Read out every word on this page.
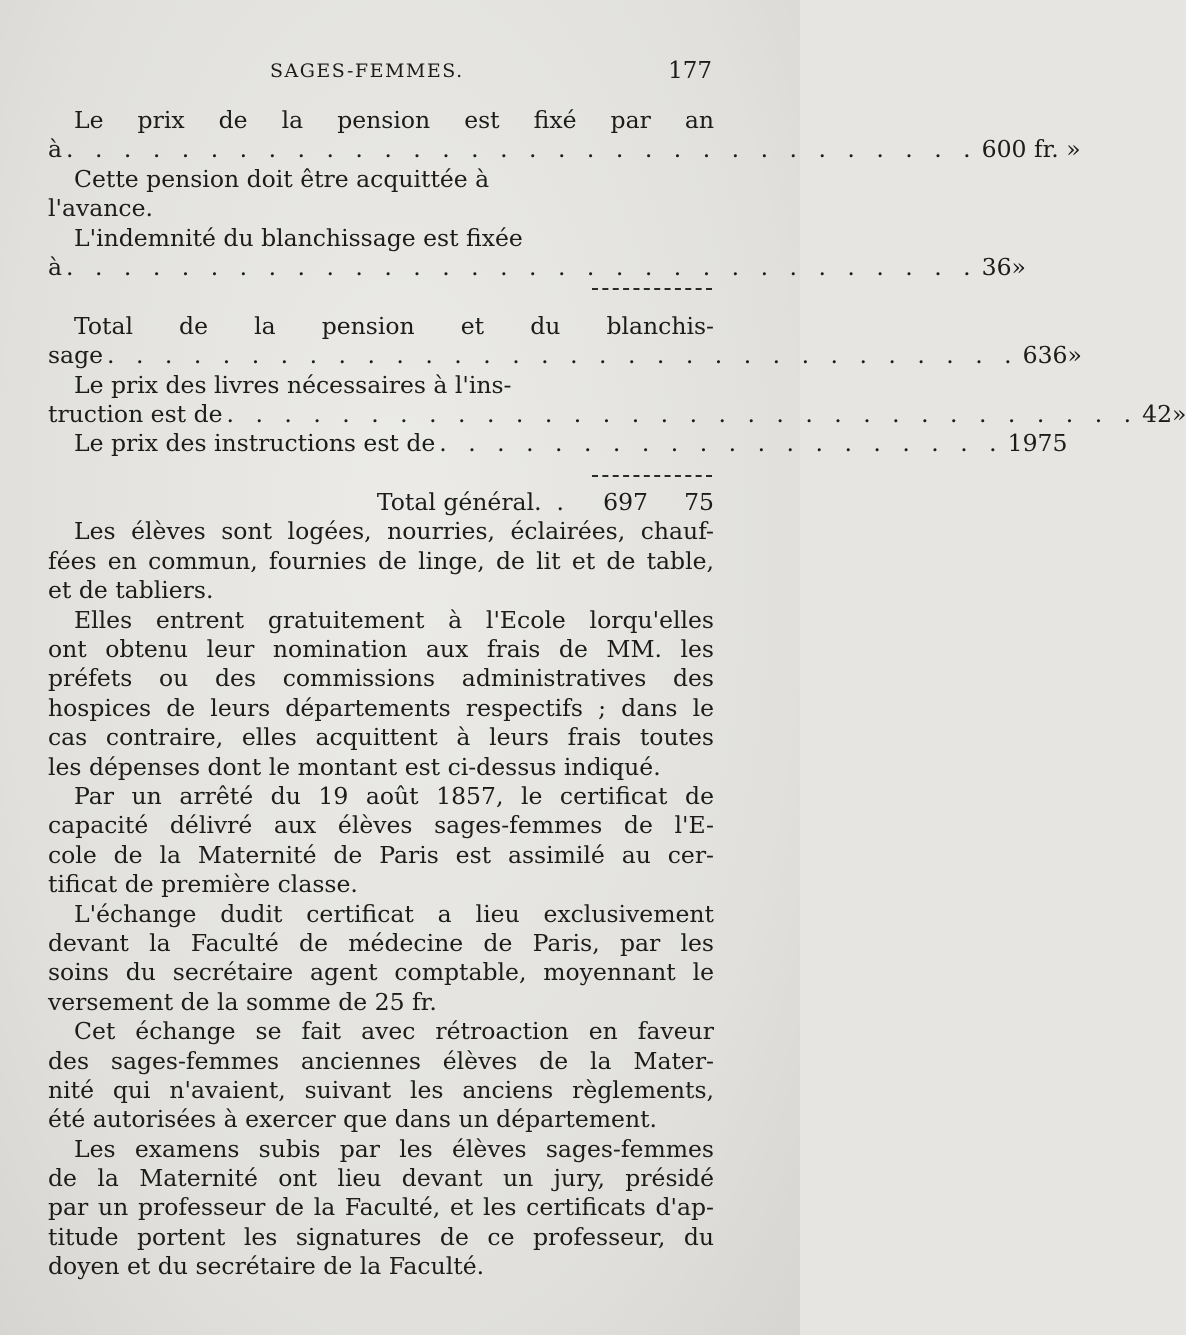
SAGES-FEMMES.	177
Le prix de la pension est fixé par an
à . . . . . . . . . . . . . . . . . . . . . . . . . . . . . . . . 600 fr. »
Cette pension doit être acquittée à
l'avance.
L'indemnité du blanchissage est fixée
à . . . . . . . . . . . . . . . . . . . . . . . . . . . . . . . . 36 »
Total de la pension et du blanchis-
sage . . . . . . . . . . . . . . . . . . . . . . . . . . . . . . . . 636 »
Le prix des livres nécessaires à l'ins-
truction est de . . . . . . . . . . . . . . . . . . . . . . . . . . . . . . . . 42 »
Le prix des instructions est de . . . . . . . . . . . . . . . . . . . . 19 75
Total général. .	697	75
Les élèves sont logées, nourries, éclairées, chauf-
fées en commun, fournies de linge, de lit et de table,
et de tabliers.
Elles entrent gratuitement à l'Ecole lorqu'elles
ont obtenu leur nomination aux frais de MM. les
préfets ou des commissions administratives des
hospices de leurs départements respectifs ; dans le
cas contraire, elles acquittent à leurs frais toutes
les dépenses dont le montant est ci-dessus indiqué.
Par un arrêté du 19 août 1857, le certificat de
capacité délivré aux élèves sages-femmes de l'E-
cole de la Maternité de Paris est assimilé au cer-
tificat de première classe.
L'échange dudit certificat a lieu exclusivement
devant la Faculté de médecine de Paris, par les
soins du secrétaire agent comptable, moyennant le
versement de la somme de 25 fr.
Cet échange se fait avec rétroaction en faveur
des sages-femmes anciennes élèves de la Mater-
nité qui n'avaient, suivant les anciens règlements,
été autorisées à exercer que dans un département.
Les examens subis par les élèves sages-femmes
de la Maternité ont lieu devant un jury, présidé
par un professeur de la Faculté, et les certificats d'ap-
titude portent les signatures de ce professeur, du
doyen et du secrétaire de la Faculté.
